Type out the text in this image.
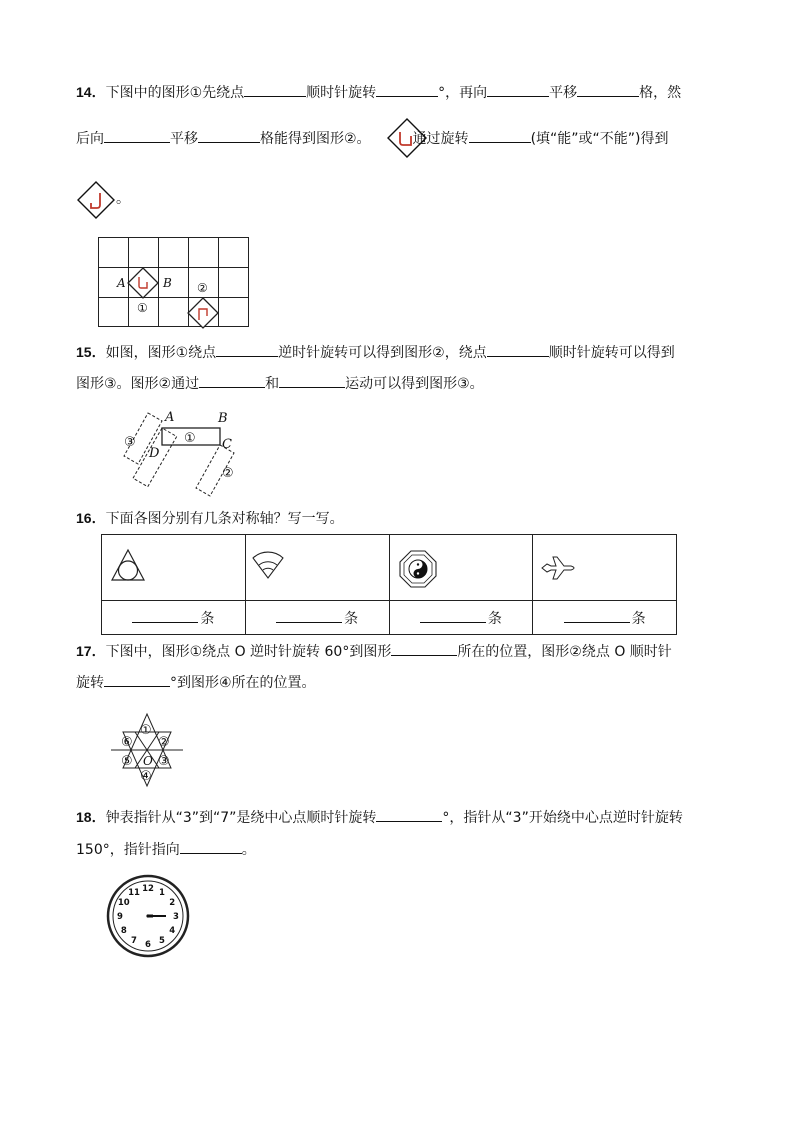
14．下图中的图形①先绕点	顺时针旋转	°，再向	平移	格，然
后向	平移	格能得到图形②。	通过旋转	(填“能”或“不能”)得到
。
A	B
①
②
15．如图，图形①绕点	逆时针旋转可以得到图形②，绕点	顺时针旋转可以得到
图形③。图形②通过	和	运动可以得到图形③。
A	B
C
D
①
③
②
16．下面各图分别有几条对称轴？写一写。

条	条	条	条
17．下图中，图形①绕点 O 逆时针旋转 60°到图形	所在的位置，图形②绕点 O 顺时针
旋转	°到图形④所在的位置。
①
②
③
④
⑤
⑥
O
18．钟表指针从“3”到“7”是绕中心点顺时针旋转	°，指针从“3”开始绕中心点逆时针旋转
150°，指针指向	。
12 1
2
3
4
5
6
7
8
9
10
11
